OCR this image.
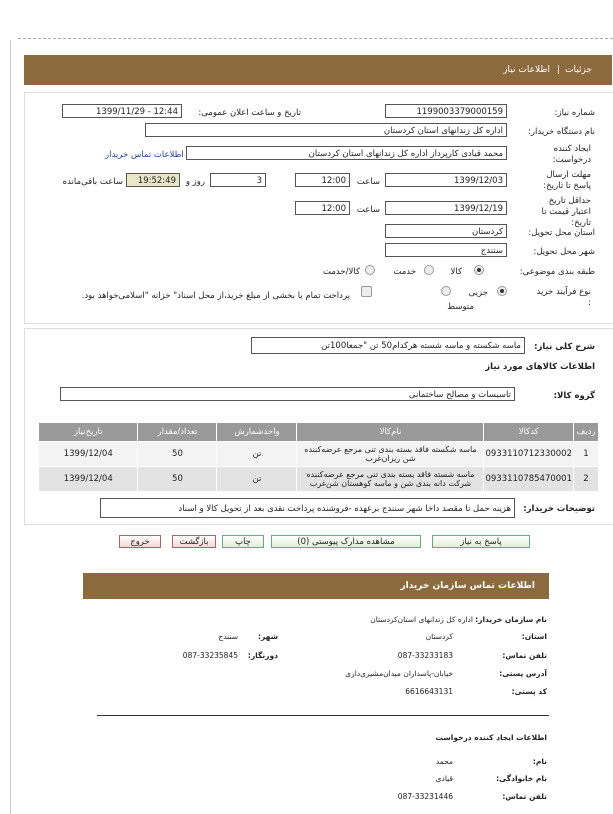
جزئیات
|
اطلاعات نیاز
شماره نیاز:
1199003379000159
تاریخ و ساعت اعلان عمومی:
1399/11/29 - 12:44
نام دستگاه خریدار:
اداره کل زندانهای استان کردستان
ایجاد کننده درخواست:
محمد قیادی کارپرداز اداره کل زندانهای استان کردستان
اطلاعات تماس خریدار
مهلت ارسال پاسخ تا تاریخ:
1399/12/03
ساعت
12:00
3
روز و
19:52:49
ساعت باقی‌مانده
حداقل تاریخ اعتبار قیمت تا تاریخ:
1399/12/19
ساعت
12:00
استان محل تحویل:
کردستان
شهر محل تحویل:
سنندج
طبقه بندی موضوعی:
کالا
خدمت
کالا/خدمت
نوع فرآیند خرید :
جزیی
متوسط
پرداخت تمام یا بخشی از مبلغ خرید،از محل اسناد" خزانه "اسلامی‌خواهد بود.
شرح کلی نیاز:
ماسه شکسته و ماسه شسته هرکدام50 تن "جمعا100تن
اطلاعات کالاهای مورد نیاز
گروه کالا:
تاسیسات و مصالح ساختمانی
ردیف	کدکالا	نام‌کالا	واحدشمارش	تعداد/مقدار	تاریخ‌نیاز
1	0933110712330002	ماسه شکسته فاقد بسته بندی تنی مرجع عرضه‌کننده شن ریزان‌غرب	تن	50	1399/12/04
2	0933110785470001	ماسه شسته فاقد بسته بندی تنی مرجع عرضه‌کننده شرکت دانه بندی شن و ماسه کوهستان شن‌غرب	تن	50	1399/12/04
توضیحات خریدار:
هزینه حمل تا مقصد داخا شهر سنندج برعهده -فروشنده پرداخت نقدی بعد از تحویل کالا و اسناد
پاسخ به نیاز
مشاهده مدارک پیوستی (0)
چاپ
بازگشت
خروج
اطلاعات تماس سازمان خریدار
نام سازمان خریدار:
اداره کل زندانهای استان‌کردستان
استان:
کردستان
شهر:
سنندج
تلفن تماس:
087-33233183
دورنگار:
087-33235845
آدرس پستی:
خیابان-پاسداران میدان‌مشیری‌داری
کد پستی:
6616643131
اطلاعات ایجاد کننده درخواست
نام:
محمد
نام خانوادگی:
قیادی
تلفن تماس:
087-33231446
